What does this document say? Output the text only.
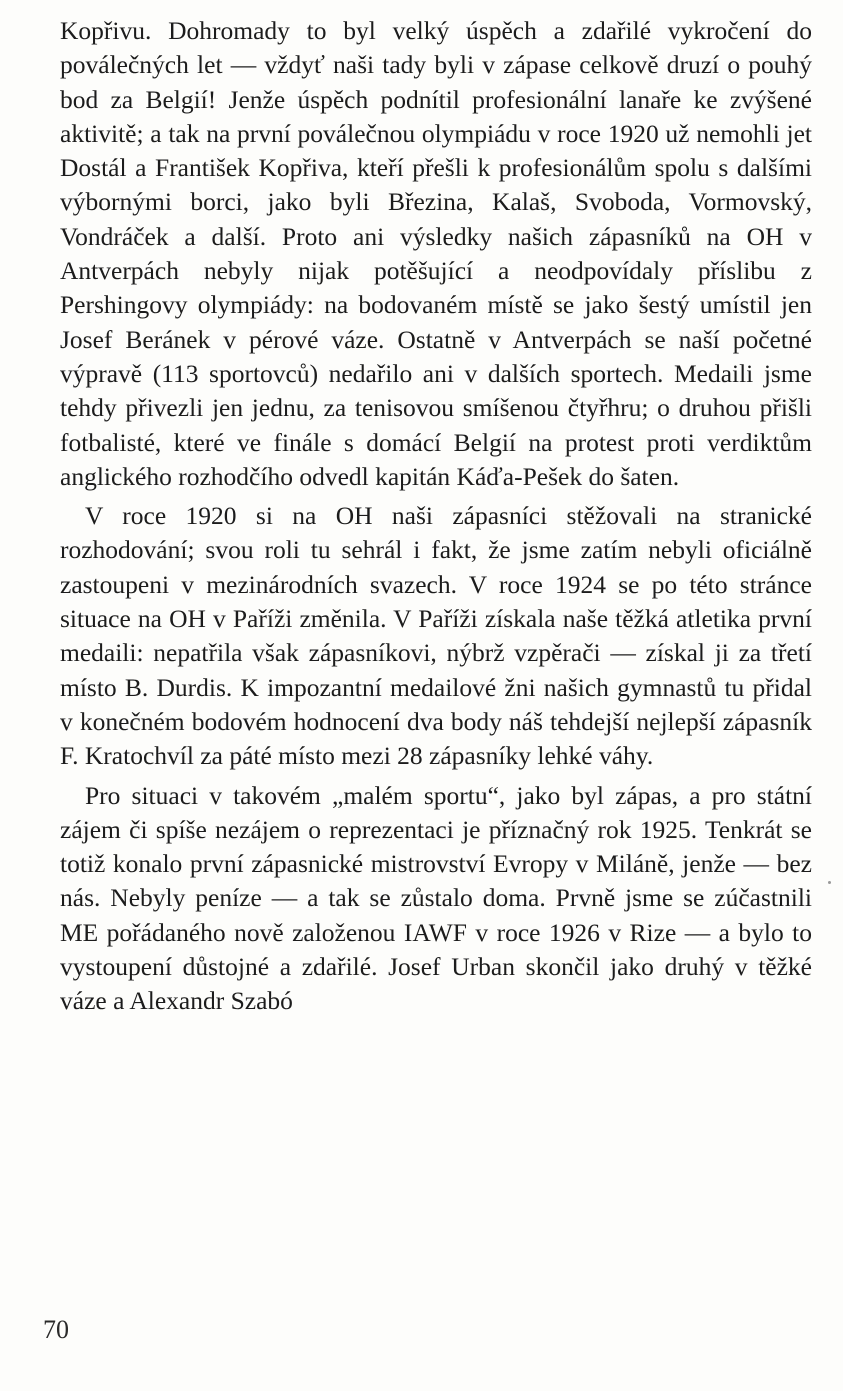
Kopřivu. Dohromady to byl velký úspěch a zdařilé vykročení do poválečných let — vždyť naši tady byli v zápase celkově druzí o pouhý bod za Belgií! Jenže úspěch podnítil profesionální lanaře ke zvýšené aktivitě; a tak na první poválečnou olympiádu v roce 1920 už nemohli jet Dostál a František Kopřiva, kteří přešli k profesionálům spolu s dalšími výbornými borci, jako byli Březina, Kalaš, Svoboda, Vormovský, Vondráček a další. Proto ani výsledky našich zápasníků na OH v Antverpách nebyly nijak potěšující a neodpovídaly příslibu z Pershingovy olympiády: na bodovaném místě se jako šestý umístil jen Josef Beránek v pérové váze. Ostatně v Antverpách se naší početné výpravě (113 sportovců) nedařilo ani v dalších sportech. Medaili jsme tehdy přivezli jen jednu, za tenisovou smíšenou čtyřhru; o druhou přišli fotbalisté, které ve finále s domácí Belgií na protest proti verdiktům anglického rozhodčího odvedl kapitán Káďa-Pešek do šaten.

V roce 1920 si na OH naši zápasníci stěžovali na stranické rozhodování; svou roli tu sehrál i fakt, že jsme zatím nebyli oficiálně zastoupeni v mezinárodních svazech. V roce 1924 se po této stránce situace na OH v Paříži změnila. V Paříži získala naše těžká atletika první medaili: nepatřila však zápasníkovi, nýbrž vzpěrači — získal ji za třetí místo B. Durdis. K impozantní medailové žni našich gymnastů tu přidal v konečném bodovém hodnocení dva body náš tehdejší nejlepší zápasník F. Kratochvíl za páté místo mezi 28 zápasníky lehké váhy.

Pro situaci v takovém „malém sportu“, jako byl zápas, a pro státní zájem či spíše nezájem o reprezentaci je příznačný rok 1925. Tenkrát se totiž konalo první zápasnické mistrovství Evropy v Miláně, jenže — bez nás. Nebyly peníze — a tak se zůstalo doma. Prvně jsme se zúčastnili ME pořádaného nově založenou IAWF v roce 1926 v Rize — a bylo to vystoupení důstojné a zdařilé. Josef Urban skončil jako druhý v těžké váze a Alexandr Szabó

70
